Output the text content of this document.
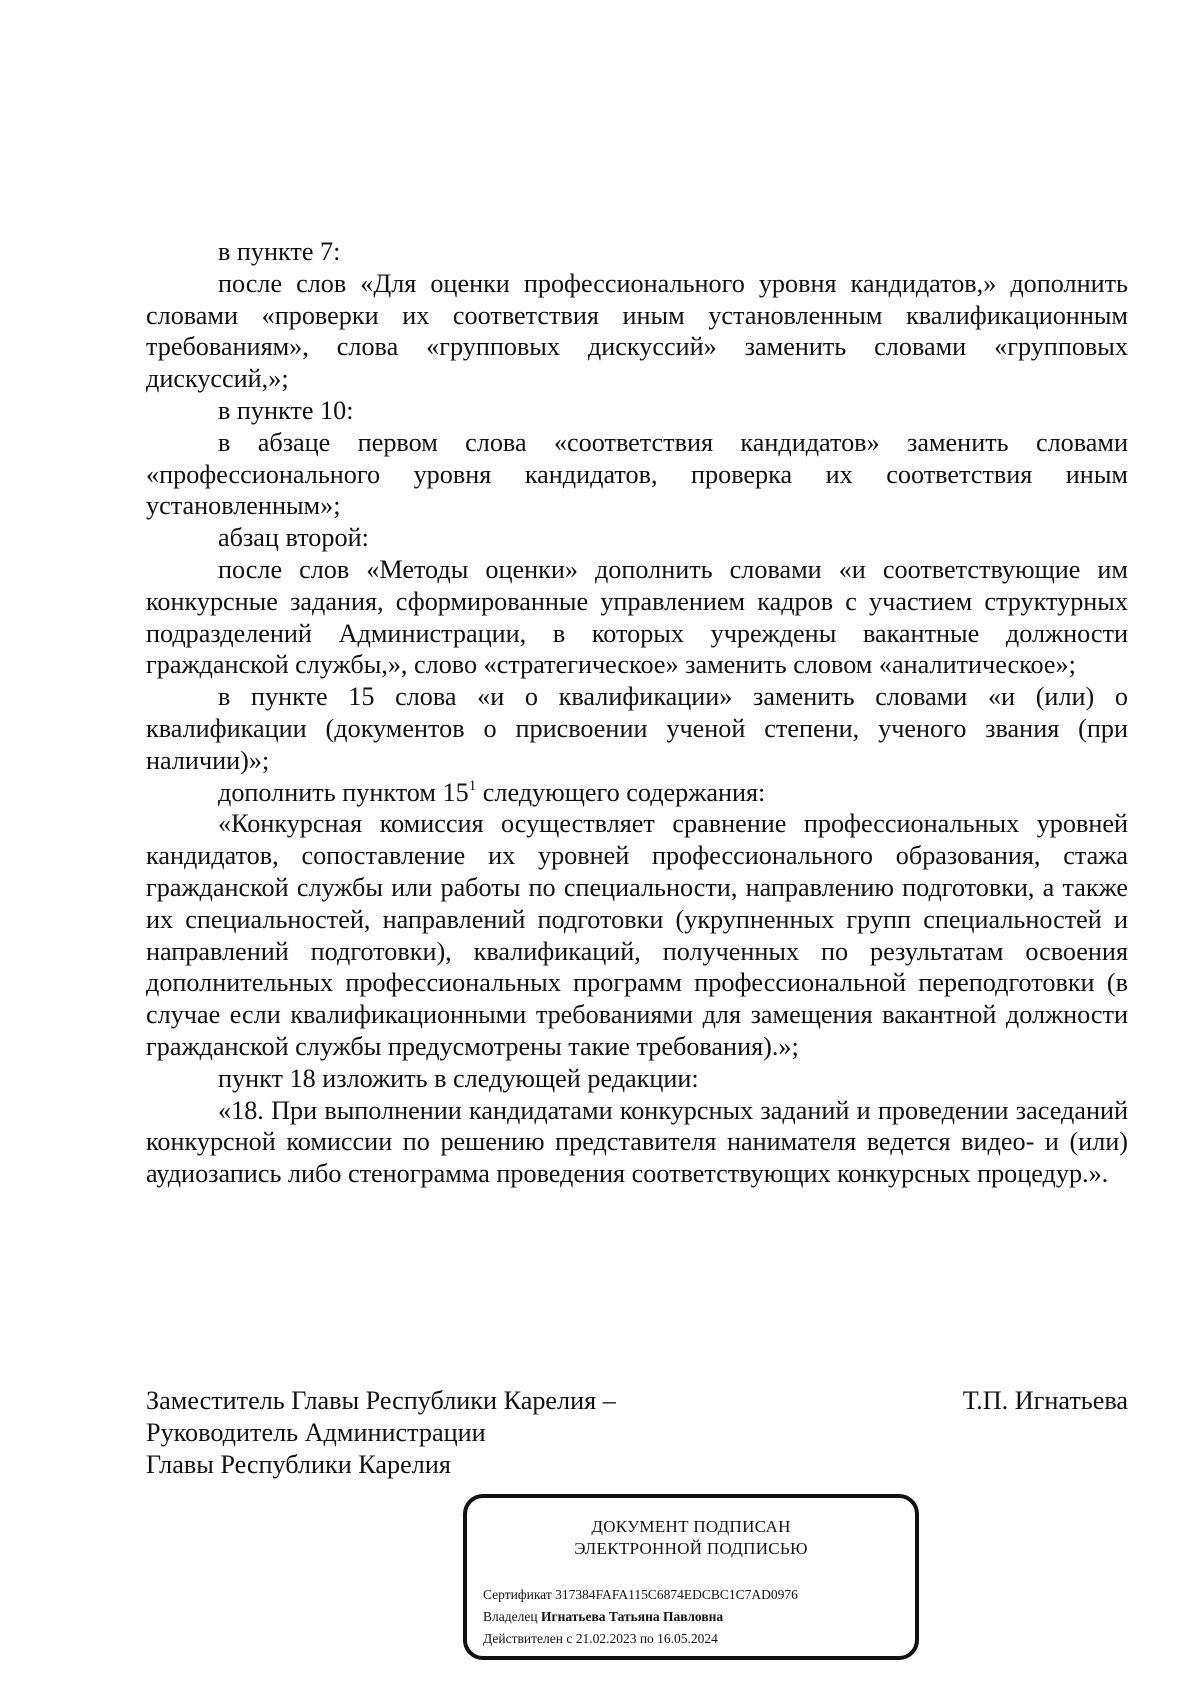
в пункте 7:

после слов «Для оценки профессионального уровня кандидатов,» дополнить словами «проверки их соответствия иным установленным квалификационным требованиям», слова «групповых дискуссий» заменить словами «групповых дискуссий,»;

в пункте 10:

в абзаце первом слова «соответствия кандидатов» заменить словами «профессионального уровня кандидатов, проверка их соответствия иным установленным»;

абзац второй:

после слов «Методы оценки» дополнить словами «и соответствующие им конкурсные задания, сформированные управлением кадров с участием структурных подразделений Администрации, в которых учреждены вакантные должности гражданской службы,», слово «стратегическое» заменить словом «аналитическое»;

в пункте 15 слова «и о квалификации» заменить словами «и (или) о квалификации (документов о присвоении ученой степени, ученого звания (при наличии)»;

дополнить пунктом $15^1$ следующего содержания:

«Конкурсная комиссия осуществляет сравнение профессиональных уровней кандидатов, сопоставление их уровней профессионального образования, стажа гражданской службы или работы по специальности, направлению подготовки, а также их специальностей, направлений подготовки (укрупненных групп специальностей и направлений подготовки), квалификаций, полученных по результатам освоения дополнительных профессиональных программ профессиональной переподготовки (в случае если квалификационными требованиями для замещения вакантной должности гражданской службы предусмотрены такие требования).»;

пункт 18 изложить в следующей редакции:

«18. При выполнении кандидатами конкурсных заданий и проведении заседаний конкурсной комиссии по решению представителя нанимателя ведется видео- и (или) аудиозапись либо стенограмма проведения соответствующих конкурсных процедур.».

Заместитель Главы Республики Карелия –
Руководитель Администрации
Главы Республики Карелия
Т.П. Игнатьева
ДОКУМЕНТ ПОДПИСАН
ЭЛЕКТРОННОЙ ПОДПИСЬЮ
Сертификат 317384FAFA115C6874EDCBC1C7AD0976
Владелец Игнатьева Татьяна Павловна
Действителен с 21.02.2023 по 16.05.2024
